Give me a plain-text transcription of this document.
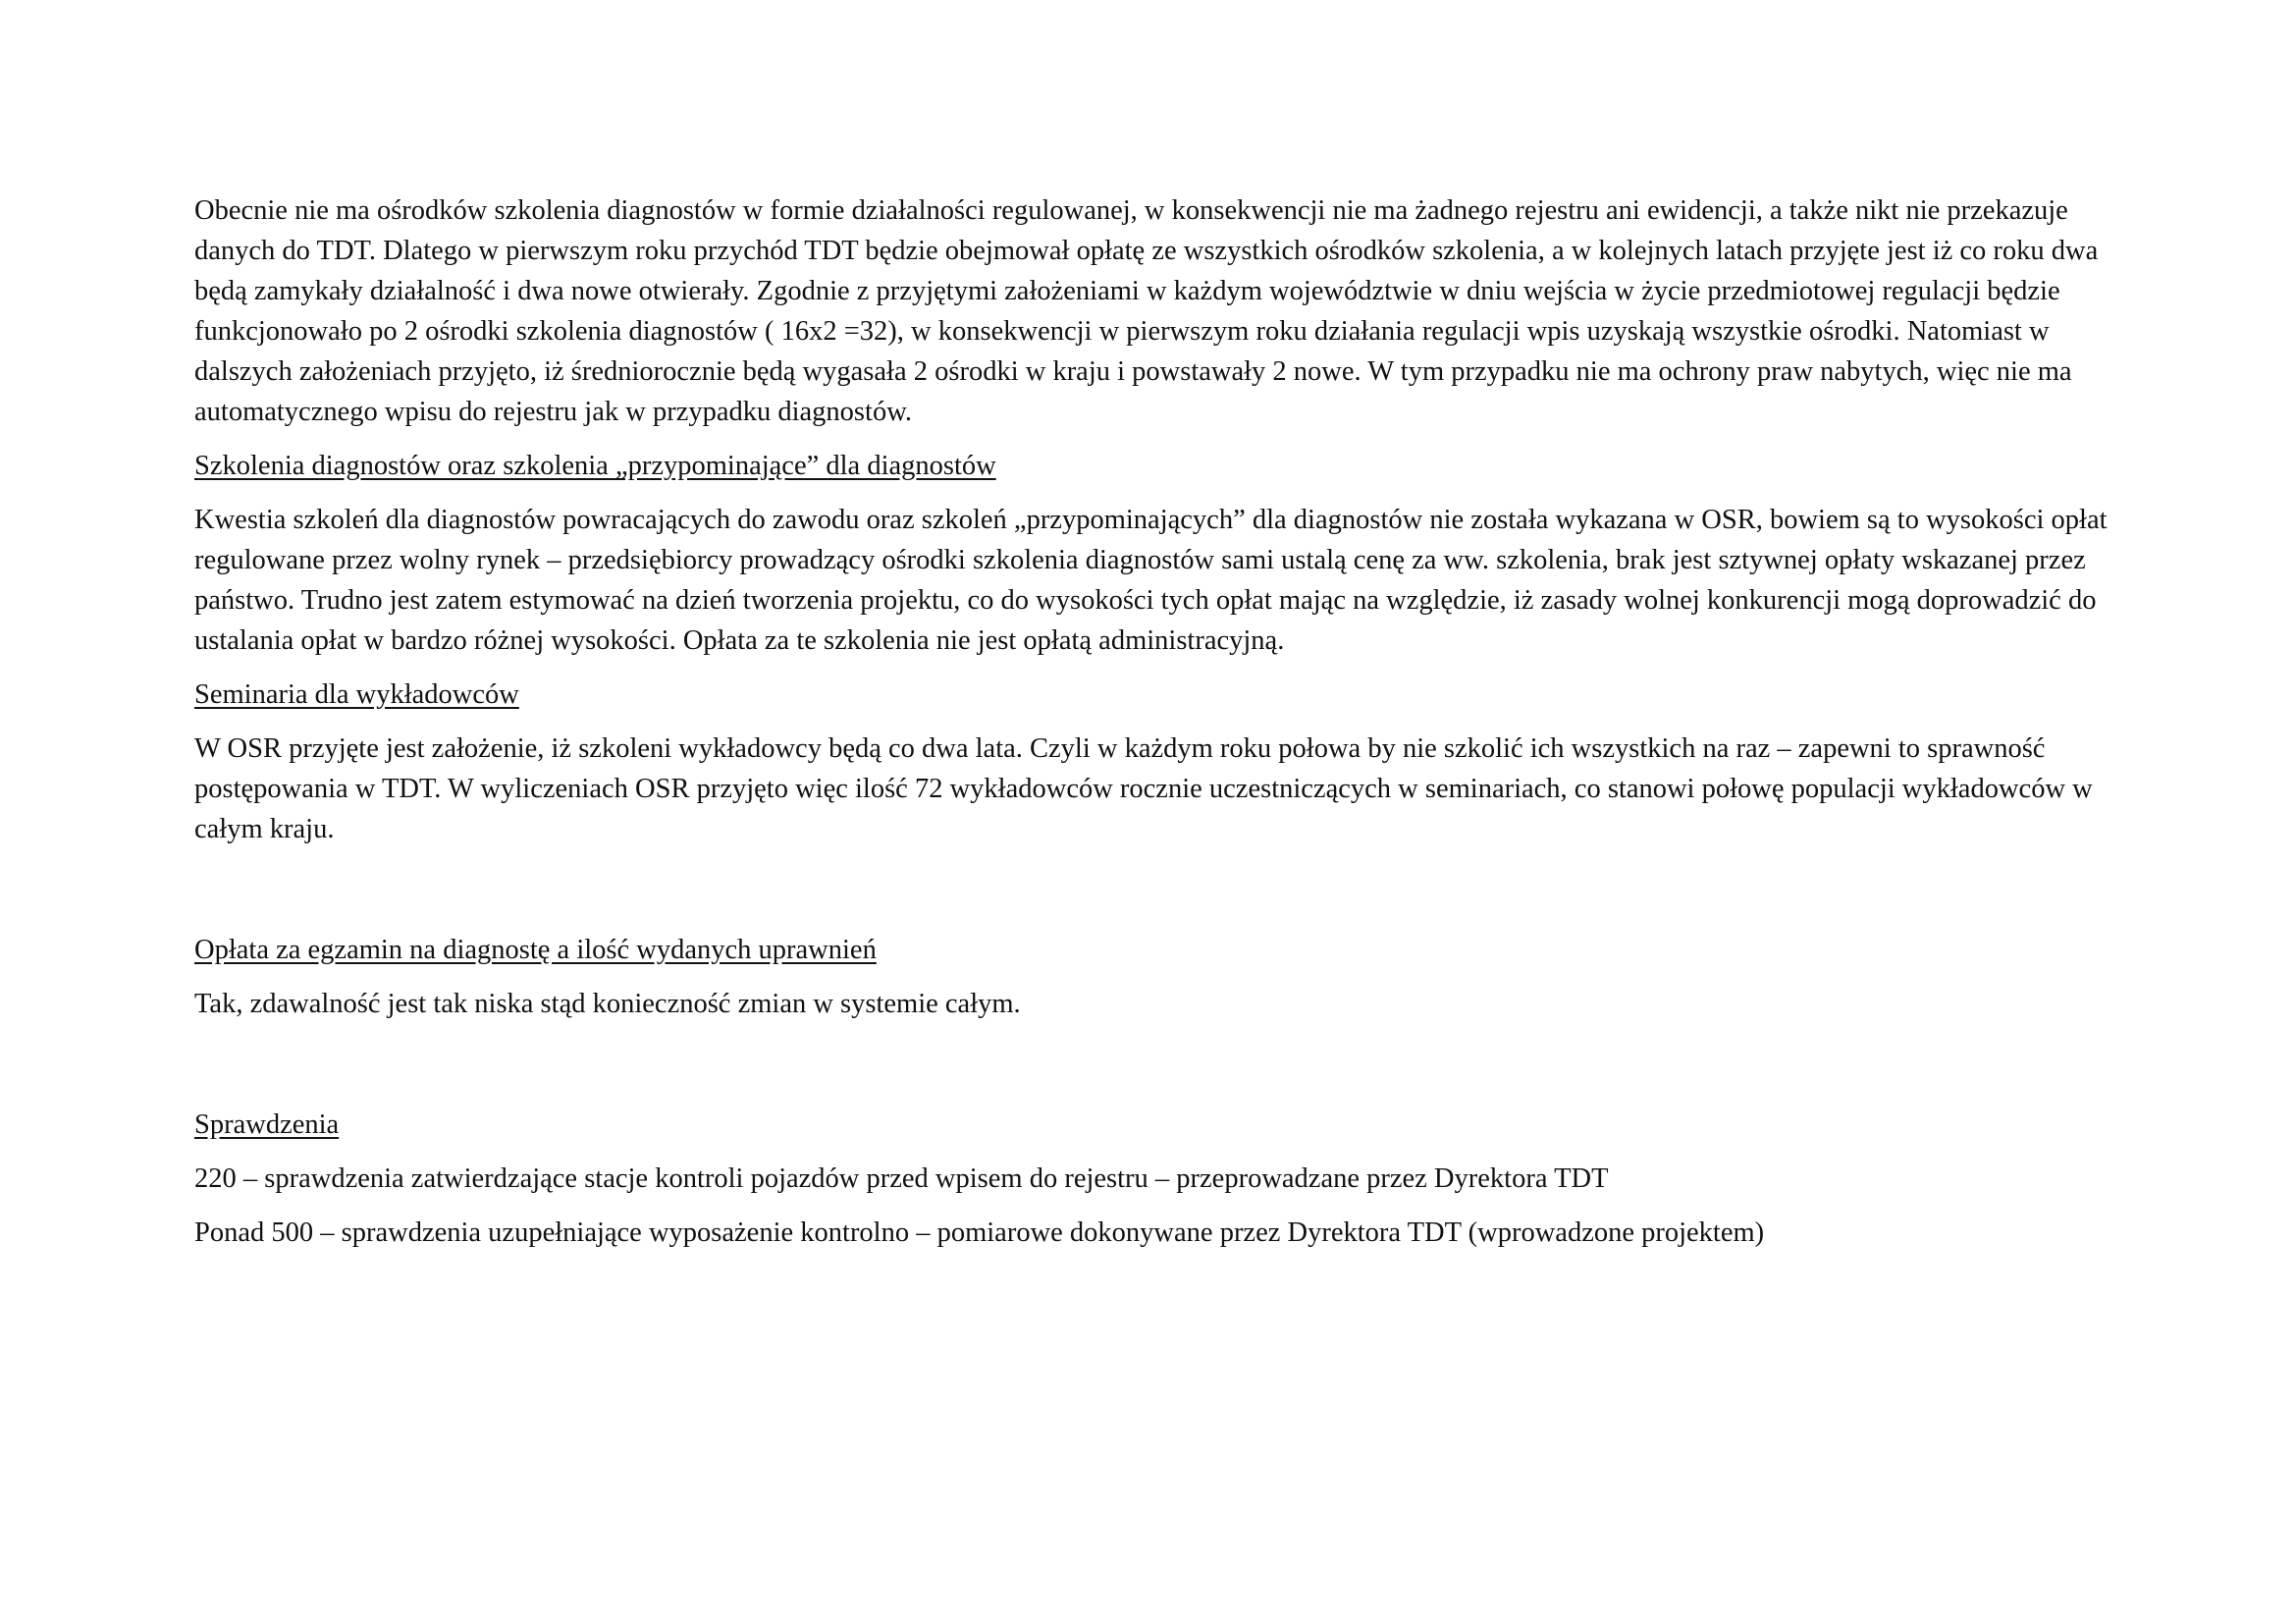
Obecnie nie ma ośrodków szkolenia diagnostów w formie działalności regulowanej, w konsekwencji nie ma żadnego rejestru ani ewidencji, a także nikt nie przekazuje danych do TDT. Dlatego w pierwszym roku przychód TDT będzie obejmował opłatę ze wszystkich ośrodków szkolenia, a w kolejnych latach przyjęte jest iż co roku dwa będą zamykały działalność i dwa nowe otwierały. Zgodnie z przyjętymi założeniami w każdym województwie w dniu wejścia w życie przedmiotowej regulacji będzie funkcjonowało po 2 ośrodki szkolenia diagnostów ( 16x2 =32), w konsekwencji w pierwszym roku działania regulacji wpis uzyskają wszystkie ośrodki. Natomiast w dalszych założeniach przyjęto, iż średniorocznie będą wygasała 2 ośrodki w kraju i powstawały 2 nowe. W tym przypadku nie ma ochrony praw nabytych, więc nie ma automatycznego wpisu do rejestru jak w przypadku diagnostów.

Szkolenia diagnostów oraz szkolenia „przypominające” dla diagnostów

Kwestia szkoleń dla diagnostów powracających do zawodu oraz szkoleń „przypominających” dla diagnostów nie została wykazana w OSR, bowiem są to wysokości opłat regulowane przez wolny rynek – przedsiębiorcy prowadzący ośrodki szkolenia diagnostów sami ustalą cenę za ww. szkolenia, brak jest sztywnej opłaty wskazanej przez państwo. Trudno jest zatem estymować na dzień tworzenia projektu, co do wysokości tych opłat mając na względzie, iż zasady wolnej konkurencji mogą doprowadzić do ustalania opłat w bardzo różnej wysokości. Opłata za te szkolenia nie jest opłatą administracyjną.

Seminaria dla wykładowców

W OSR przyjęte jest założenie, iż szkoleni wykładowcy będą co dwa lata. Czyli w każdym roku połowa by nie szkolić ich wszystkich na raz – zapewni to sprawność postępowania w TDT. W wyliczeniach OSR przyjęto więc ilość 72 wykładowców rocznie uczestniczących w seminariach, co stanowi połowę populacji wykładowców w całym kraju.

Opłata za egzamin na diagnostę a ilość wydanych uprawnień

Tak, zdawalność jest tak niska stąd konieczność zmian w systemie całym.

Sprawdzenia

220 – sprawdzenia zatwierdzające stacje kontroli pojazdów przed wpisem do rejestru – przeprowadzane przez Dyrektora TDT

Ponad 500 – sprawdzenia uzupełniające wyposażenie kontrolno – pomiarowe dokonywane przez Dyrektora TDT (wprowadzone projektem)
